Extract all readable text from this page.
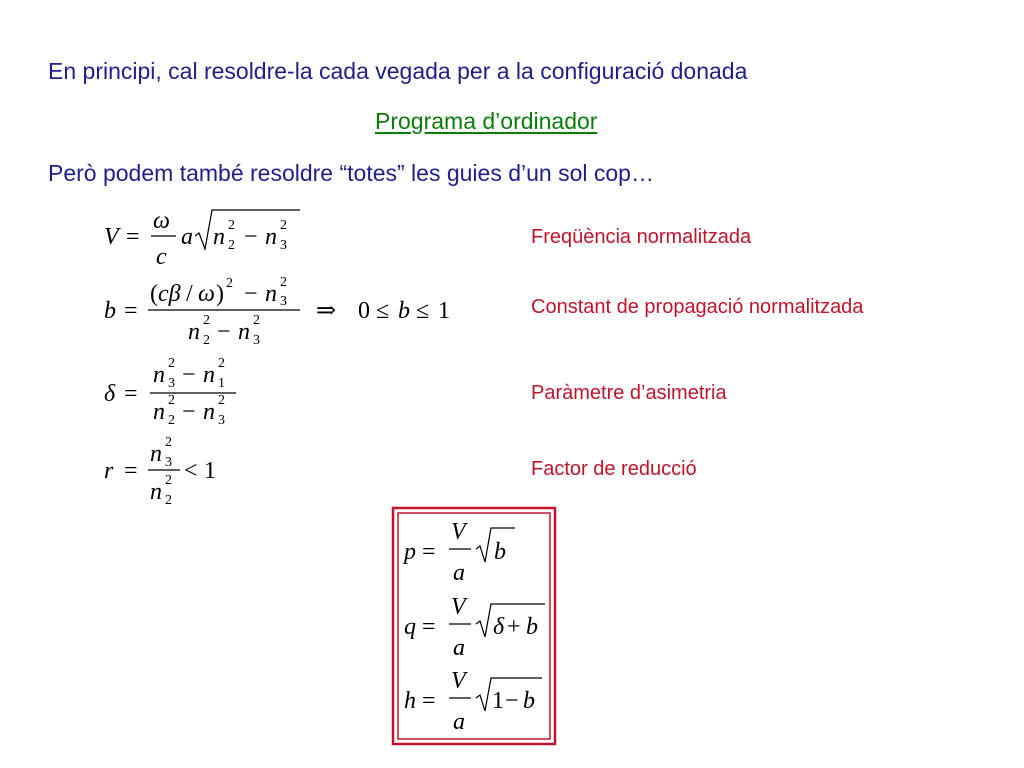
En principi, cal resoldre-la cada vegada per a la configuració donada
Programa d’ordinador
Però podem també resoldre “totes” les guies d’un sol cop…
Freqüència normalitzada
Constant de propagació normalitzada
Paràmetre d’asimetria
Factor de reducció
V =
ω
c
a n 2
2 − n 2
3
b =
( cβ / ω ) 2 − n 2
3
n 2
2 − n 2
3
⇒ 0 ≤ b ≤ 1
δ =
n 2
3 − n 2
1
n 2
2 − n 2
3
r =
n 2
3
n 2
2
< 1
p =
V
a
b
q =
V
a
δ + b
h =
V
a
1 − b
